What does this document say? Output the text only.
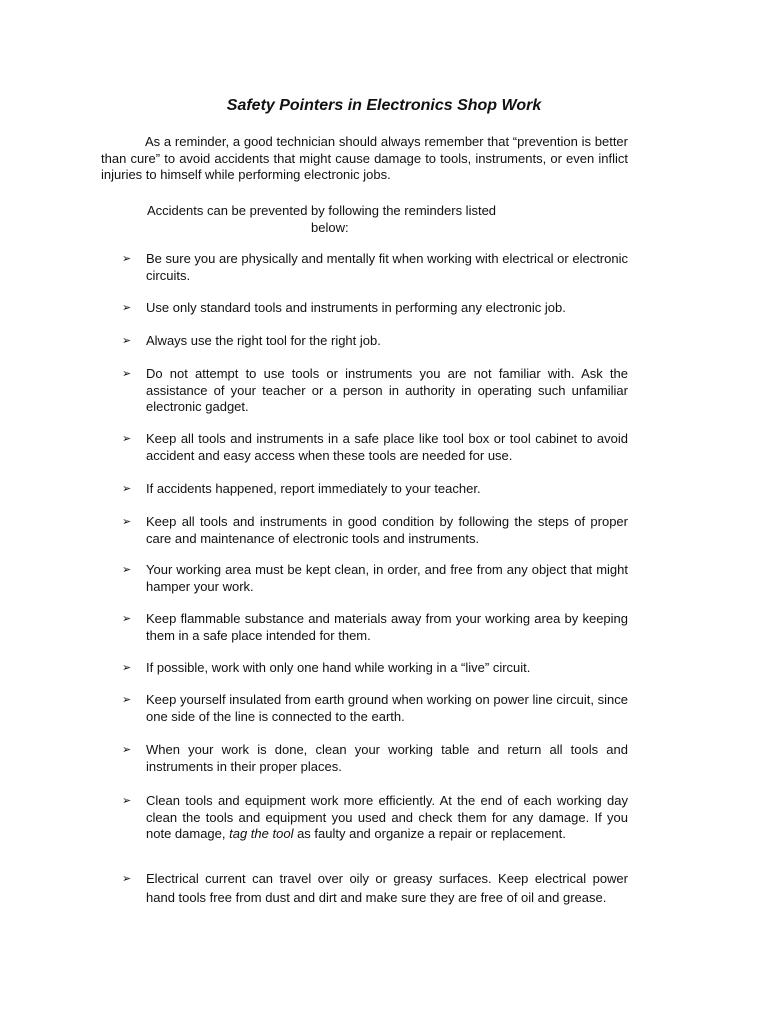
Safety Pointers in Electronics Shop Work

As a reminder, a good technician should always remember that “prevention is better than cure” to avoid accidents that might cause damage to tools, instruments, or even inflict injuries to himself while performing electronic jobs.

Accidents can be prevented by following the reminders listed
below:

➢ Be sure you are physically and mentally fit when working with electrical or electronic circuits.
➢ Use only standard tools and instruments in performing any electronic job.
➢ Always use the right tool for the right job.
➢ Do not attempt to use tools or instruments you are not familiar with. Ask the assistance of your teacher or a person in authority in operating such unfamiliar electronic gadget.
➢ Keep all tools and instruments in a safe place like tool box or tool cabinet to avoid accident and easy access when these tools are needed for use.
➢ If accidents happened, report immediately to your teacher.
➢ Keep all tools and instruments in good condition by following the steps of proper care and maintenance of electronic tools and instruments.
➢ Your working area must be kept clean, in order, and free from any object that might hamper your work.
➢ Keep flammable substance and materials away from your working area by keeping them in a safe place intended for them.
➢ If possible, work with only one hand while working in a “live” circuit.
➢ Keep yourself insulated from earth ground when working on power line circuit, since one side of the line is connected to the earth.
➢ When your work is done, clean your working table and return all tools and instruments in their proper places.
➢ Clean tools and equipment work more efficiently. At the end of each working day clean the tools and equipment you used and check them for any damage. If you note damage, tag the tool as faulty and organize a repair or replacement.
➢ Electrical current can travel over oily or greasy surfaces. Keep electrical power hand tools free from dust and dirt and make sure they are free of oil and grease.
